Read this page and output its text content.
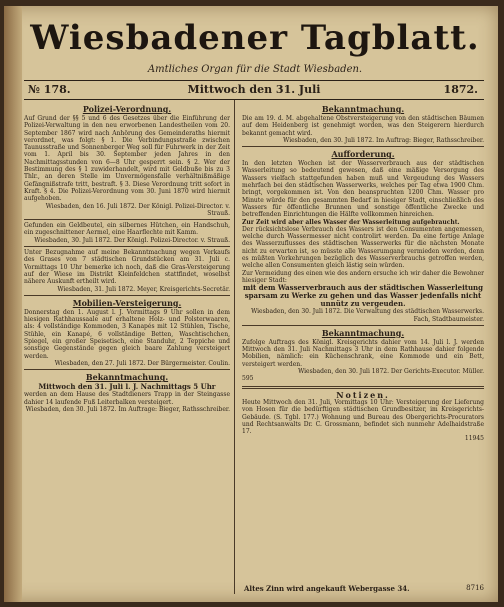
Wiesbadener Tagblatt.
Amtliches Organ für die Stadt Wiesbaden.
№ 178.	Mittwoch den 31. Juli	1872.
Polizei-Verordnung.
Auf Grund der §§ 5 und 6 des Gesetzes über die Einführung der Polizei-Verwaltung in den neu erworbenen Landestheilen vom 20. September 1867 wird nach Anhörung des Gemeinderaths hiermit verordnet, was folgt: § 1. Die Verbindungsstraße zwischen Taunusstraße und Sonnenberger Weg soll für Fuhrwerk in der Zeit vom 1. April bis 30. September jeden Jahres in den Nachmittagsstunden von 6—8 Uhr gesperrt sein. § 2. Wer der Bestimmung des § 1 zuwiderhandelt, wird mit Geldbuße bis zu 3 Thlr., an deren Stelle im Unvermögensfalle verhältnißmäßige Gefängnißstrafe tritt, bestraft. § 3. Diese Verordnung tritt sofort in Kraft. § 4. Die Polizei-Verordnung vom 30. Juni 1870 wird hiermit aufgehoben.
Wiesbaden, den 16. Juli 1872. Der Königl. Polizei-Director. v. Strauß.
Gefunden ein Geldbeutel, ein silbernes Hütchen, ein Handschuh, ein zugeschnittener Aermel, eine Haarflechte mit Kamm.
Wiesbaden, 30. Juli 1872. Der Königl. Polizei-Director. v. Strauß.
Unter Bezugnahme auf meine Bekanntmachung wegen Verkaufs des Grases von 7 städtischen Grundstücken am 31. Juli c. Vormittags 10 Uhr bemerke ich noch, daß die Gras-Versteigerung auf der Wiese im Distrikt Kleinfeldchen stattfindet, woselbst nähere Auskunft ertheilt wird.
Wiesbaden, 31. Juli 1872. Meyer, Kreisgerichts-Secretär.
Mobilien-Versteigerung.
Donnerstag den 1. August l. J. Vormittags 9 Uhr sollen in dem hiesigen Rathhaussaale auf erhaltene Holz- und Polsterwaaren, als: 4 vollständige Kommoden, 3 Kanapés mit 12 Stühlen, Tische, Stühle, ein Kanapé, 6 vollständige Betten, Waschtischchen, Spiegel, ein großer Speisetisch, eine Standuhr, 2 Teppiche und sonstige Gegenstände gegen gleich baare Zahlung versteigert werden.
Wiesbaden, den 27. Juli 1872. Der Bürgermeister. Coulin.
Bekanntmachung.
Mittwoch den 31. Juli l. J. Nachmittags 5 Uhr
werden an dem Hause des Stadtdieners Trapp in der Steingasse dahier 14 laufende Fuß Leiterbalken versteigert.
Wiesbaden, den 30. Juli 1872. Im Auftrage: Bieger, Rathsschreiber.
Bekanntmachung.
Die am 19. d. M. abgehaltene Obstversteigerung von den städtischen Bäumen auf dem Heidenberg ist genehmigt worden, was den Steigerern hierdurch bekannt gemacht wird.
Wiesbaden, den 30. Juli 1872. Im Auftrag: Bieger, Rathsschreiber.
Aufforderung.
In den letzten Wochen ist der Wasserverbrauch aus der städtischen Wasserleitung so bedeutend gewesen, daß eine mäßige Versorgung des Wassers vielfach stattgefunden haben muß und Vergeudung des Wassers mehrfach bei den städtischen Wasserwerks, welches per Tag etwa 1900 Chm. bringt, vorgekommen ist. Von den beanspruchten 1200 Chm. Wasser pro Minute würde für den gesammten Bedarf in hiesiger Stadt, einschließlich des Wassers für öffentliche Brunnen und sonstige öffentliche Zwecke und betreffenden Einrichtungen die Hälfte vollkommen hinreichen.
Zur Zeit wird aber alles Wasser der Wasserleitung aufgebraucht.
Der rücksichtslose Verbrauch des Wassers ist den Consumenten angemessen, welche durch Wassermesser nicht controlirt werden. Da eine fertige Anlage des Wasserzuflusses des städtischen Wasserwerks für die nächsten Monate nicht zu erwarten ist, so müsste alle Wasserumgang vermieden werden, denn es müßten Vorkehrungen bezüglich des Wasserverbrauchs getroffen werden, welche allen Consumenten gleich lästig sein würden.
Zur Vermeidung des einen wie des andern ersuche ich wir daher die Bewohner hiesiger Stadt:
mit dem Wasserverbrauch aus der städtischen Wasserleitung sparsam zu Werke zu gehen und das Wasser jedenfalls nicht unnütz zu vergeuden.
Wiesbaden, den 30. Juli 1872. Die Verwaltung des städtischen Wasserwerks. Fach, Stadtbaumeister.
Bekanntmachung.
Zufolge Auftrags des Königl. Kreisgerichts dahier vom 14. Juli l. J. werden Mittwoch den 31. Juli Nachmittags 3 Uhr in dem Rathhause dahier folgende Mobilien, nämlich: ein Küchenschrank, eine Kommode und ein Bett, versteigert werden.
Wiesbaden, den 30. Juli 1872. Der Gerichts-Executor. Müller.
595
Notizen.
Heute Mittwoch den 31. Juli, Vormittags 10 Uhr: Versteigerung der Lieferung von Hosen für die bedürftigen städtischen Grundbesitzer, im Kreisgerichts-Gebäude. (S. Tgbl. 177.) Wohnung und Bureau des Obergerichts-Procurators und Rechtsanwalts Dr. C. Grossmann, befindet sich nunmehr Adelhaidstraße 17.
11945
Altes Zinn wird angekauft Webergasse 34.	8716
